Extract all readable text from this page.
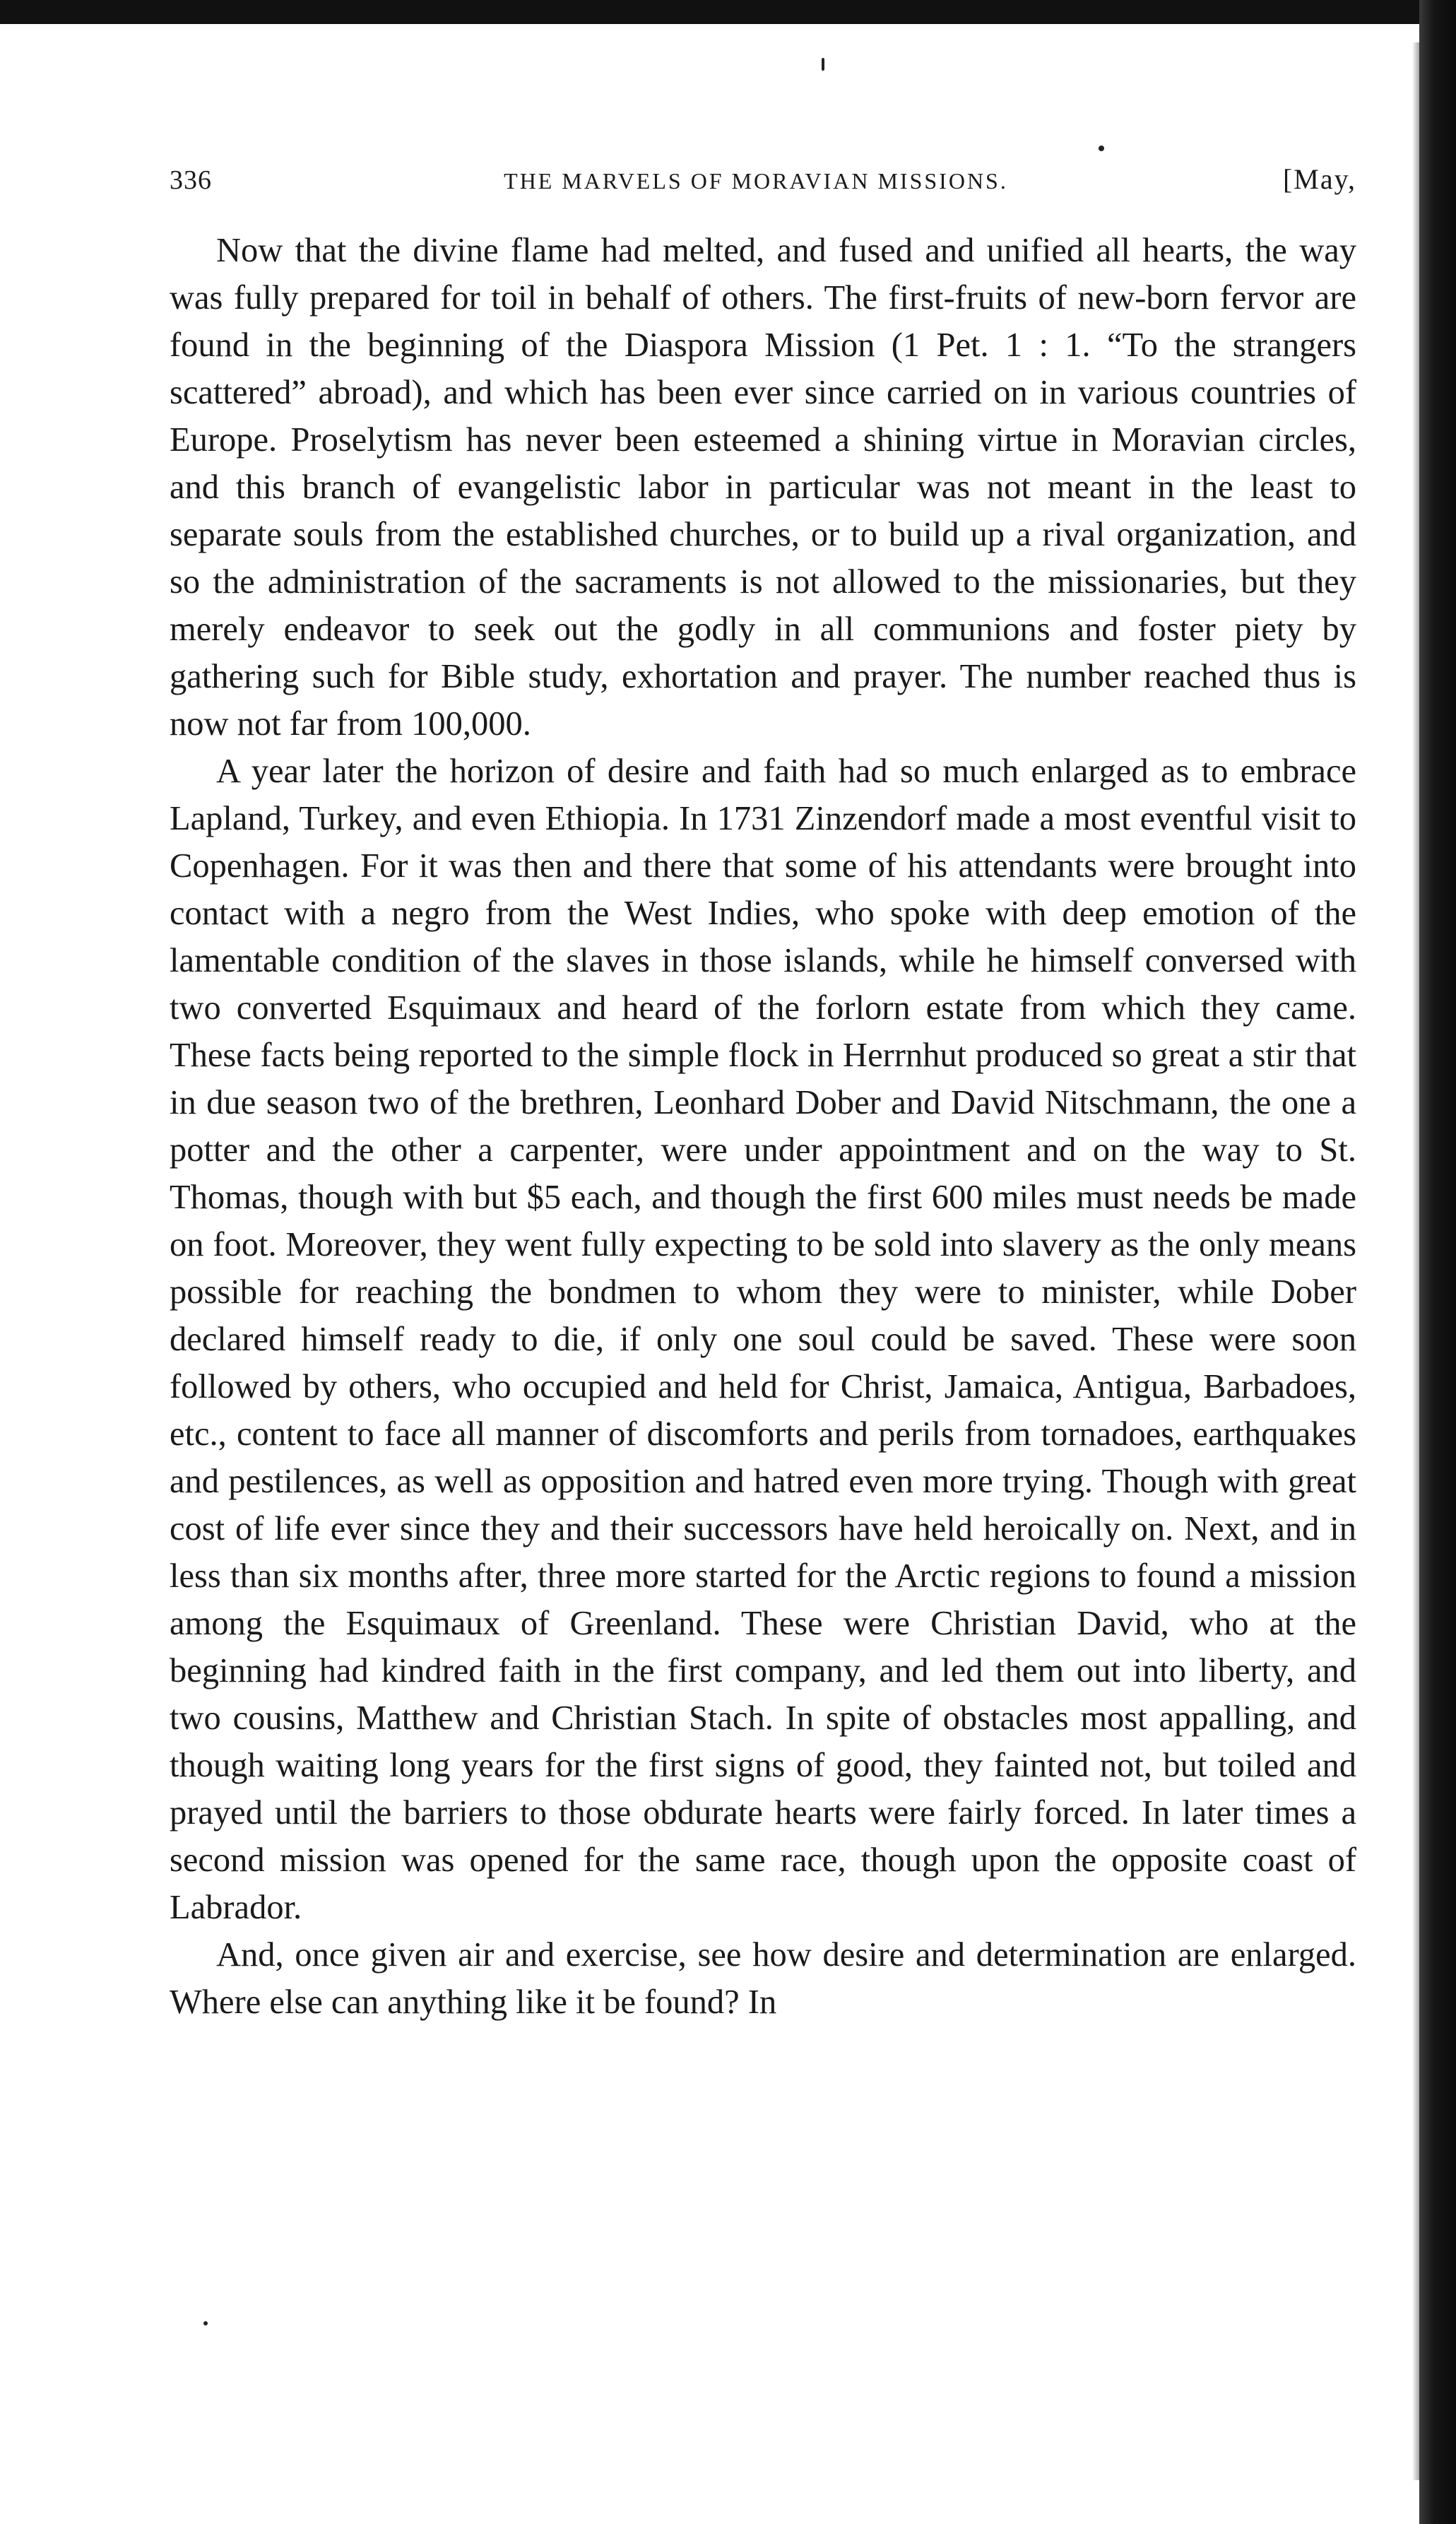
336	THE MARVELS OF MORAVIAN MISSIONS.	[May,

Now that the divine flame had melted, and fused and unified all hearts, the way was fully prepared for toil in behalf of others. The first-fruits of new-born fervor are found in the beginning of the Diaspora Mission (1 Pet. 1 : 1. “To the strangers scattered” abroad), and which has been ever since carried on in various countries of Europe. Proselytism has never been esteemed a shining virtue in Moravian circles, and this branch of evangelistic labor in particular was not meant in the least to separate souls from the established churches, or to build up a rival organization, and so the administration of the sacraments is not allowed to the missionaries, but they merely endeavor to seek out the godly in all communions and foster piety by gathering such for Bible study, exhortation and prayer. The number reached thus is now not far from 100,000.

A year later the horizon of desire and faith had so much enlarged as to embrace Lapland, Turkey, and even Ethiopia. In 1731 Zinzendorf made a most eventful visit to Copenhagen. For it was then and there that some of his attendants were brought into contact with a negro from the West Indies, who spoke with deep emotion of the lamentable condition of the slaves in those islands, while he himself conversed with two converted Esquimaux and heard of the forlorn estate from which they came. These facts being reported to the simple flock in Herrnhut produced so great a stir that in due season two of the brethren, Leonhard Dober and David Nitschmann, the one a potter and the other a carpenter, were under appointment and on the way to St. Thomas, though with but $5 each, and though the first 600 miles must needs be made on foot. Moreover, they went fully expecting to be sold into slavery as the only means possible for reaching the bondmen to whom they were to minister, while Dober declared himself ready to die, if only one soul could be saved. These were soon followed by others, who occupied and held for Christ, Jamaica, Antigua, Barbadoes, etc., content to face all manner of discomforts and perils from tornadoes, earthquakes and pestilences, as well as opposition and hatred even more trying. Though with great cost of life ever since they and their successors have held heroically on. Next, and in less than six months after, three more started for the Arctic regions to found a mission among the Esquimaux of Greenland. These were Christian David, who at the beginning had kindred faith in the first company, and led them out into liberty, and two cousins, Matthew and Christian Stach. In spite of obstacles most appalling, and though waiting long years for the first signs of good, they fainted not, but toiled and prayed until the barriers to those obdurate hearts were fairly forced. In later times a second mission was opened for the same race, though upon the opposite coast of Labrador.

And, once given air and exercise, see how desire and determination are enlarged. Where else can anything like it be found? In
